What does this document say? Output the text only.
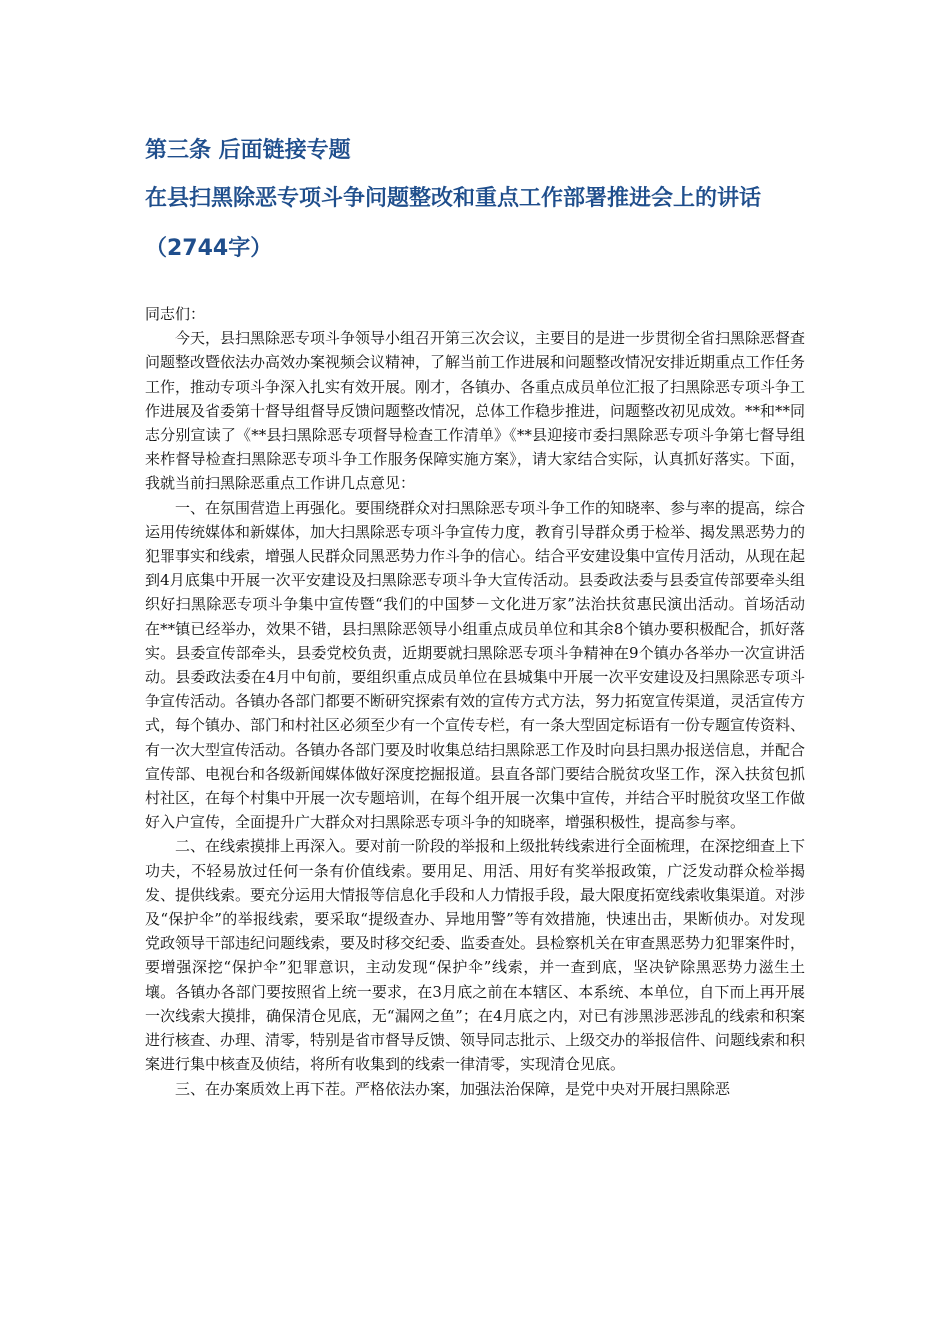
第三条 后面链接专题

在县扫黑除恶专项斗争问题整改和重点工作部署推进会上的讲话（2744字）

同志们：

今天，县扫黑除恶专项斗争领导小组召开第三次会议，主要目的是进一步贯彻全省扫黑除恶督查问题整改暨依法办高效办案视频会议精神，了解当前工作进展和问题整改情况安排近期重点工作任务工作，推动专项斗争深入扎实有效开展。刚才，各镇办、各重点成员单位汇报了扫黑除恶专项斗争工作进展及省委第十督导组督导反馈问题整改情况，总体工作稳步推进，问题整改初见成效。**和**同志分别宣读了《**县扫黑除恶专项督导检查工作清单》《**县迎接市委扫黑除恶专项斗争第七督导组来柞督导检查扫黑除恶专项斗争工作服务保障实施方案》，请大家结合实际，认真抓好落实。下面，我就当前扫黑除恶重点工作讲几点意见：

一、在氛围营造上再强化。要围绕群众对扫黑除恶专项斗争工作的知晓率、参与率的提高，综合运用传统媒体和新媒体，加大扫黑除恶专项斗争宣传力度，教育引导群众勇于检举、揭发黑恶势力的犯罪事实和线索，增强人民群众同黑恶势力作斗争的信心。结合平安建设集中宣传月活动，从现在起到4月底集中开展一次平安建设及扫黑除恶专项斗争大宣传活动。县委政法委与县委宣传部要牵头组织好扫黑除恶专项斗争集中宣传暨“我们的中国梦－文化进万家”法治扶贫惠民演出活动。首场活动在**镇已经举办，效果不错，县扫黑除恶领导小组重点成员单位和其余8个镇办要积极配合，抓好落实。县委宣传部牵头，县委党校负责，近期要就扫黑除恶专项斗争精神在9个镇办各举办一次宣讲活动。县委政法委在4月中旬前，要组织重点成员单位在县城集中开展一次平安建设及扫黑除恶专项斗争宣传活动。各镇办各部门都要不断研究探索有效的宣传方式方法，努力拓宽宣传渠道，灵活宣传方式，每个镇办、部门和村社区必须至少有一个宣传专栏，有一条大型固定标语有一份专题宣传资料、有一次大型宣传活动。各镇办各部门要及时收集总结扫黑除恶工作及时向县扫黑办报送信息，并配合宣传部、电视台和各级新闻媒体做好深度挖掘报道。县直各部门要结合脱贫攻坚工作，深入扶贫包抓村社区，在每个村集中开展一次专题培训，在每个组开展一次集中宣传，并结合平时脱贫攻坚工作做好入户宣传，全面提升广大群众对扫黑除恶专项斗争的知晓率，增强积极性，提高参与率。

二、在线索摸排上再深入。要对前一阶段的举报和上级批转线索进行全面梳理，在深挖细查上下功夫，不轻易放过任何一条有价值线索。要用足、用活、用好有奖举报政策，广泛发动群众检举揭发、提供线索。要充分运用大情报等信息化手段和人力情报手段，最大限度拓宽线索收集渠道。对涉及“保护伞”的举报线索，要采取“提级查办、异地用警”等有效措施，快速出击，果断侦办。对发现党政领导干部违纪问题线索，要及时移交纪委、监委查处。县检察机关在审查黑恶势力犯罪案件时，要增强深挖“保护伞”犯罪意识，主动发现“保护伞”线索，并一查到底，坚决铲除黑恶势力滋生土壤。各镇办各部门要按照省上统一要求，在3月底之前在本辖区、本系统、本单位，自下而上再开展一次线索大摸排，确保清仓见底，无“漏网之鱼”；在4月底之内，对已有涉黑涉恶涉乱的线索和积案进行核查、办理、清零，特别是省市督导反馈、领导同志批示、上级交办的举报信件、问题线索和积案进行集中核查及侦结，将所有收集到的线索一律清零，实现清仓见底。

三、在办案质效上再下茬。严格依法办案，加强法治保障，是党中央对开展扫黑除恶
